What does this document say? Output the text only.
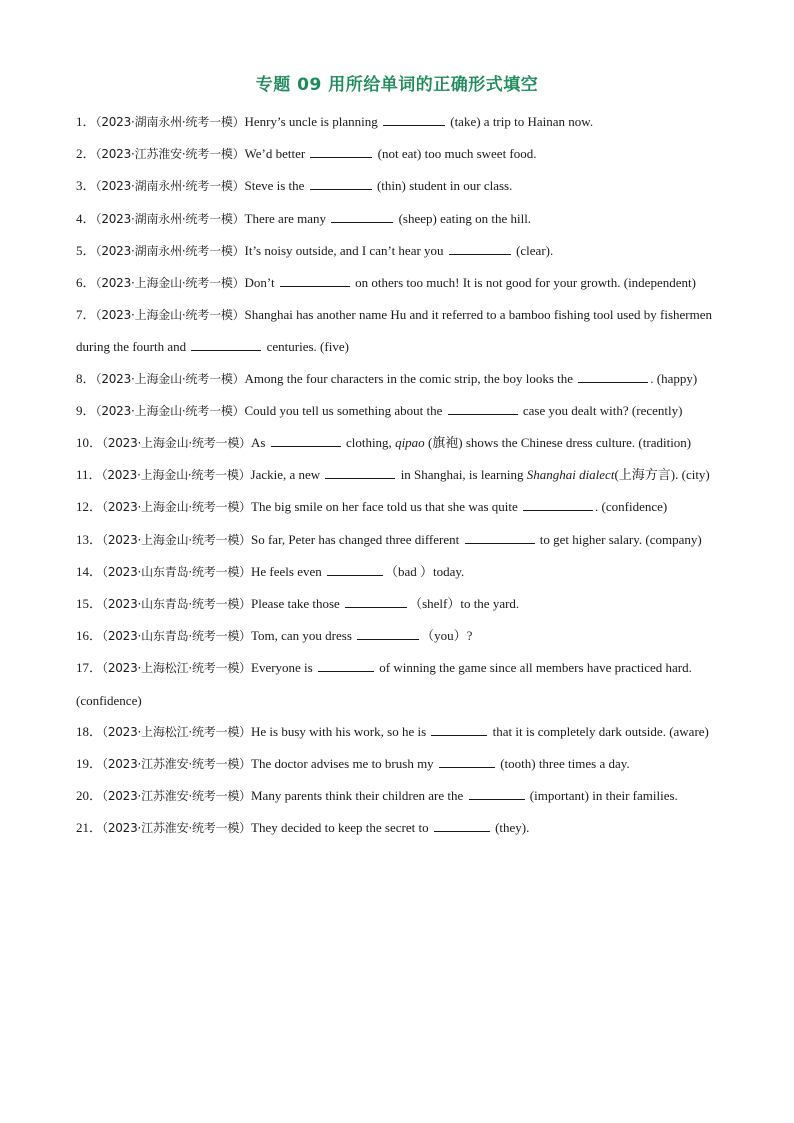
专题 09 用所给单词的正确形式填空

1．（2023·湖南永州·统考一模）Henry’s uncle is planning	(take) a trip to Hainan now.

2．（2023·江苏淮安·统考一模）We’d better	(not eat) too much sweet food.

3．（2023·湖南永州·统考一模）Steve is the	(thin) student in our class.

4．（2023·湖南永州·统考一模）There are many	(sheep) eating on the hill.

5．（2023·湖南永州·统考一模）It’s noisy outside, and I can’t hear you	(clear).

6．（2023·上海金山·统考一模）Don’t	on others too much! It is not good for your growth. (independent)

7．（2023·上海金山·统考一模）Shanghai has another name Hu and it referred to a bamboo fishing tool used by fishermen during the fourth and	centuries. (five)

8．（2023·上海金山·统考一模）Among the four characters in the comic strip, the boy looks the	. (happy)

9．（2023·上海金山·统考一模）Could you tell us something about the	case you dealt with? (recently)

10．（2023·上海金山·统考一模）As	clothing, qipao (旗袍) shows the Chinese dress culture. (tradition)

11．（2023·上海金山·统考一模）Jackie, a new	in Shanghai, is learning Shanghai dialect(上海方言). (city)

12．（2023·上海金山·统考一模）The big smile on her face told us that she was quite	. (confidence)

13．（2023·上海金山·统考一模）So far, Peter has changed three different	to get higher salary. (company)

14．（2023·山东青岛·统考一模）He feels even	（bad ）today.

15．（2023·山东青岛·统考一模）Please take those	（shelf）to the yard.

16．（2023·山东青岛·统考一模）Tom, can you dress	（you）?

17．（2023·上海松江·统考一模）Everyone is	of winning the game since all members have practiced hard. (confidence)

18．（2023·上海松江·统考一模）He is busy with his work, so he is	that it is completely dark outside. (aware)

19．（2023·江苏淮安·统考一模）The doctor advises me to brush my	(tooth) three times a day.

20．（2023·江苏淮安·统考一模）Many parents think their children are the	(important) in their families.

21．（2023·江苏淮安·统考一模）They decided to keep the secret to	(they).
